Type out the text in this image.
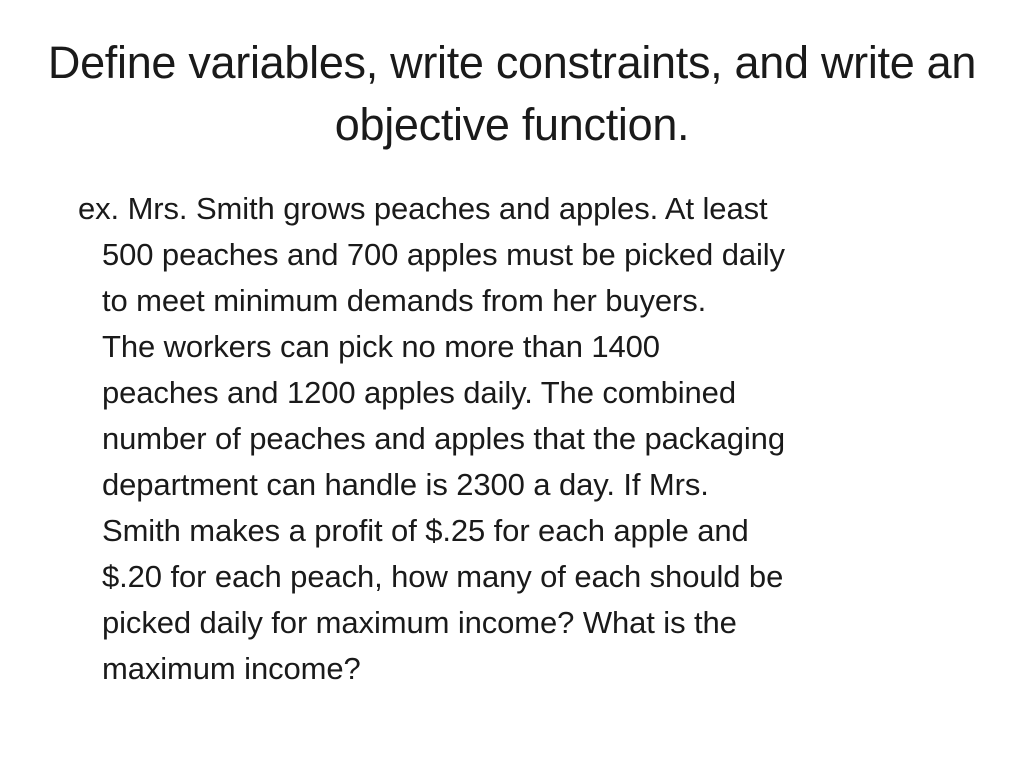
Define variables, write constraints, and write an objective function.

ex. Mrs. Smith grows peaches and apples. At least
500 peaches and 700 apples must be picked daily
to meet minimum demands from her buyers.
The workers can pick no more than 1400
peaches and 1200 apples daily. The combined
number of peaches and apples that the packaging
department can handle is 2300 a day. If Mrs.
Smith makes a profit of $.25 for each apple and
$.20 for each peach, how many of each should be
picked daily for maximum income? What is the
maximum income?
